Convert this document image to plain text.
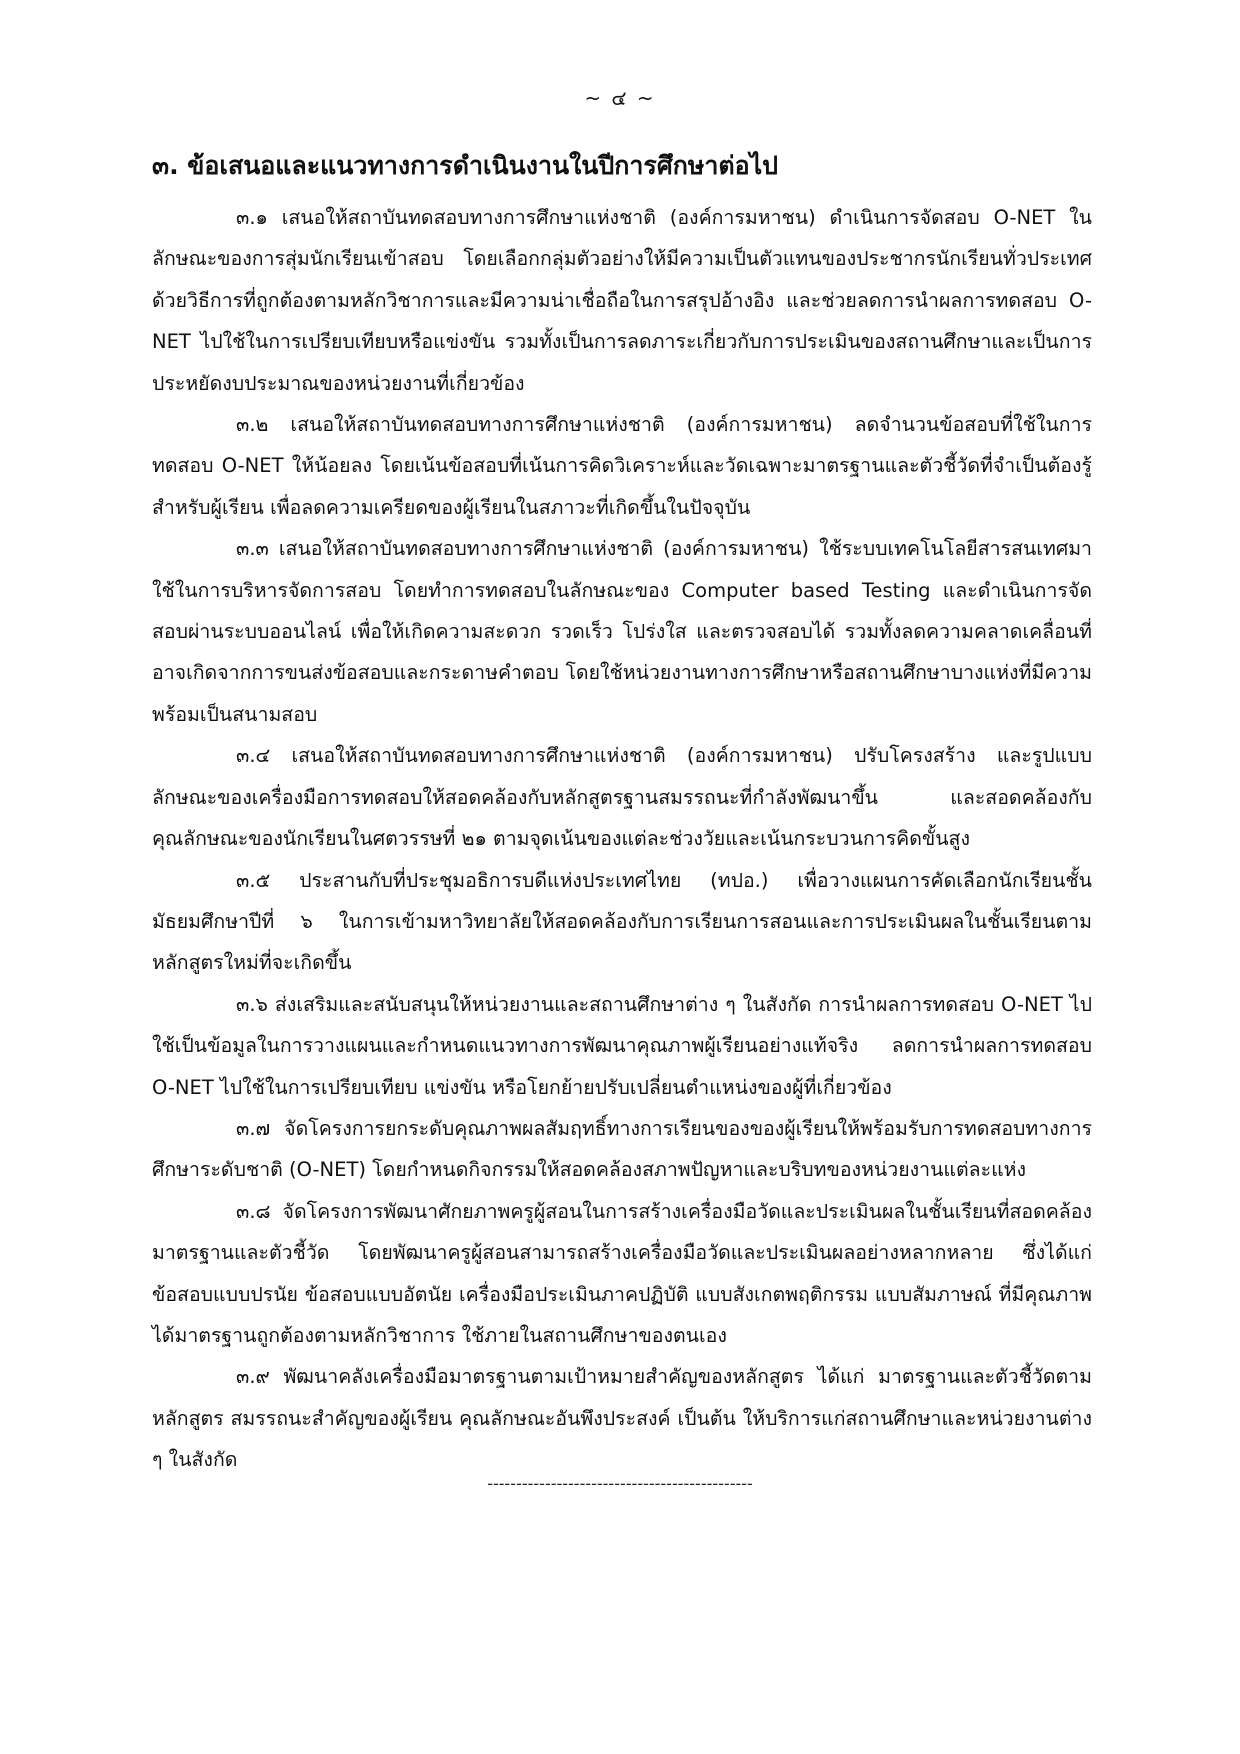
~ ๔ ~
๓. ข้อเสนอและแนวทางการดำเนินงานในปีการศึกษาต่อไป

๓.๑ เสนอให้สถาบันทดสอบทางการศึกษาแห่งชาติ (องค์การมหาชน) ดำเนินการจัดสอบ O-NET ในลักษณะของการสุ่มนักเรียนเข้าสอบ โดยเลือกกลุ่มตัวอย่างให้มีความเป็นตัวแทนของประชากรนักเรียนทั่วประเทศ ด้วยวิธีการที่ถูกต้องตามหลักวิชาการและมีความน่าเชื่อถือในการสรุปอ้างอิง และช่วยลดการนำผลการทดสอบ O-NET ไปใช้ในการเปรียบเทียบหรือแข่งขัน รวมทั้งเป็นการลดภาระเกี่ยวกับการประเมินของสถานศึกษาและเป็นการประหยัดงบประมาณของหน่วยงานที่เกี่ยวข้อง

๓.๒ เสนอให้สถาบันทดสอบทางการศึกษาแห่งชาติ (องค์การมหาชน) ลดจำนวนข้อสอบที่ใช้ในการทดสอบ O-NET ให้น้อยลง โดยเน้นข้อสอบที่เน้นการคิดวิเคราะห์และวัดเฉพาะมาตรฐานและตัวชี้วัดที่จำเป็นต้องรู้สำหรับผู้เรียน เพื่อลดความเครียดของผู้เรียนในสภาวะที่เกิดขึ้นในปัจจุบัน

๓.๓ เสนอให้สถาบันทดสอบทางการศึกษาแห่งชาติ (องค์การมหาชน) ใช้ระบบเทคโนโลยีสารสนเทศมาใช้ในการบริหารจัดการสอบ โดยทำการทดสอบในลักษณะของ Computer based Testing และดำเนินการจัดสอบผ่านระบบออนไลน์ เพื่อให้เกิดความสะดวก รวดเร็ว โปร่งใส และตรวจสอบได้ รวมทั้งลดความคลาดเคลื่อนที่อาจเกิดจากการขนส่งข้อสอบและกระดาษคำตอบ โดยใช้หน่วยงานทางการศึกษาหรือสถานศึกษาบางแห่งที่มีความพร้อมเป็นสนามสอบ

๓.๔ เสนอให้สถาบันทดสอบทางการศึกษาแห่งชาติ (องค์การมหาชน) ปรับโครงสร้าง และรูปแบบลักษณะของเครื่องมือการทดสอบให้สอดคล้องกับหลักสูตรฐานสมรรถนะที่กำลังพัฒนาขึ้น และสอดคล้องกับคุณลักษณะของนักเรียนในศตวรรษที่ ๒๑ ตามจุดเน้นของแต่ละช่วงวัยและเน้นกระบวนการคิดขั้นสูง

๓.๕ ประสานกับที่ประชุมอธิการบดีแห่งประเทศไทย (ทปอ.) เพื่อวางแผนการคัดเลือกนักเรียนชั้นมัธยมศึกษาปีที่ ๖ ในการเข้ามหาวิทยาลัยให้สอดคล้องกับการเรียนการสอนและการประเมินผลในชั้นเรียนตามหลักสูตรใหม่ที่จะเกิดขึ้น

๓.๖ ส่งเสริมและสนับสนุนให้หน่วยงานและสถานศึกษาต่าง ๆ ในสังกัด การนำผลการทดสอบ O-NET ไปใช้เป็นข้อมูลในการวางแผนและกำหนดแนวทางการพัฒนาคุณภาพผู้เรียนอย่างแท้จริง ลดการนำผลการทดสอบ O-NET ไปใช้ในการเปรียบเทียบ แข่งขัน หรือโยกย้ายปรับเปลี่ยนตำแหน่งของผู้ที่เกี่ยวข้อง

๓.๗ จัดโครงการยกระดับคุณภาพผลสัมฤทธิ์ทางการเรียนของของผู้เรียนให้พร้อมรับการทดสอบทางการศึกษาระดับชาติ (O-NET) โดยกำหนดกิจกรรมให้สอดคล้องสภาพปัญหาและบริบทของหน่วยงานแต่ละแห่ง

๓.๘ จัดโครงการพัฒนาศักยภาพครูผู้สอนในการสร้างเครื่องมือวัดและประเมินผลในชั้นเรียนที่สอดคล้องมาตรฐานและตัวชี้วัด โดยพัฒนาครูผู้สอนสามารถสร้างเครื่องมือวัดและประเมินผลอย่างหลากหลาย ซึ่งได้แก่ ข้อสอบแบบปรนัย ข้อสอบแบบอัตนัย เครื่องมือประเมินภาคปฏิบัติ แบบสังเกตพฤติกรรม แบบสัมภาษณ์ ที่มีคุณภาพได้มาตรฐานถูกต้องตามหลักวิชาการ ใช้ภายในสถานศึกษาของตนเอง

๓.๙ พัฒนาคลังเครื่องมือมาตรฐานตามเป้าหมายสำคัญของหลักสูตร ได้แก่ มาตรฐานและตัวชี้วัดตามหลักสูตร สมรรถนะสำคัญของผู้เรียน คุณลักษณะอันพึงประสงค์ เป็นต้น ให้บริการแก่สถานศึกษาและหน่วยงานต่าง ๆ ในสังกัด

----------------------------------------------
